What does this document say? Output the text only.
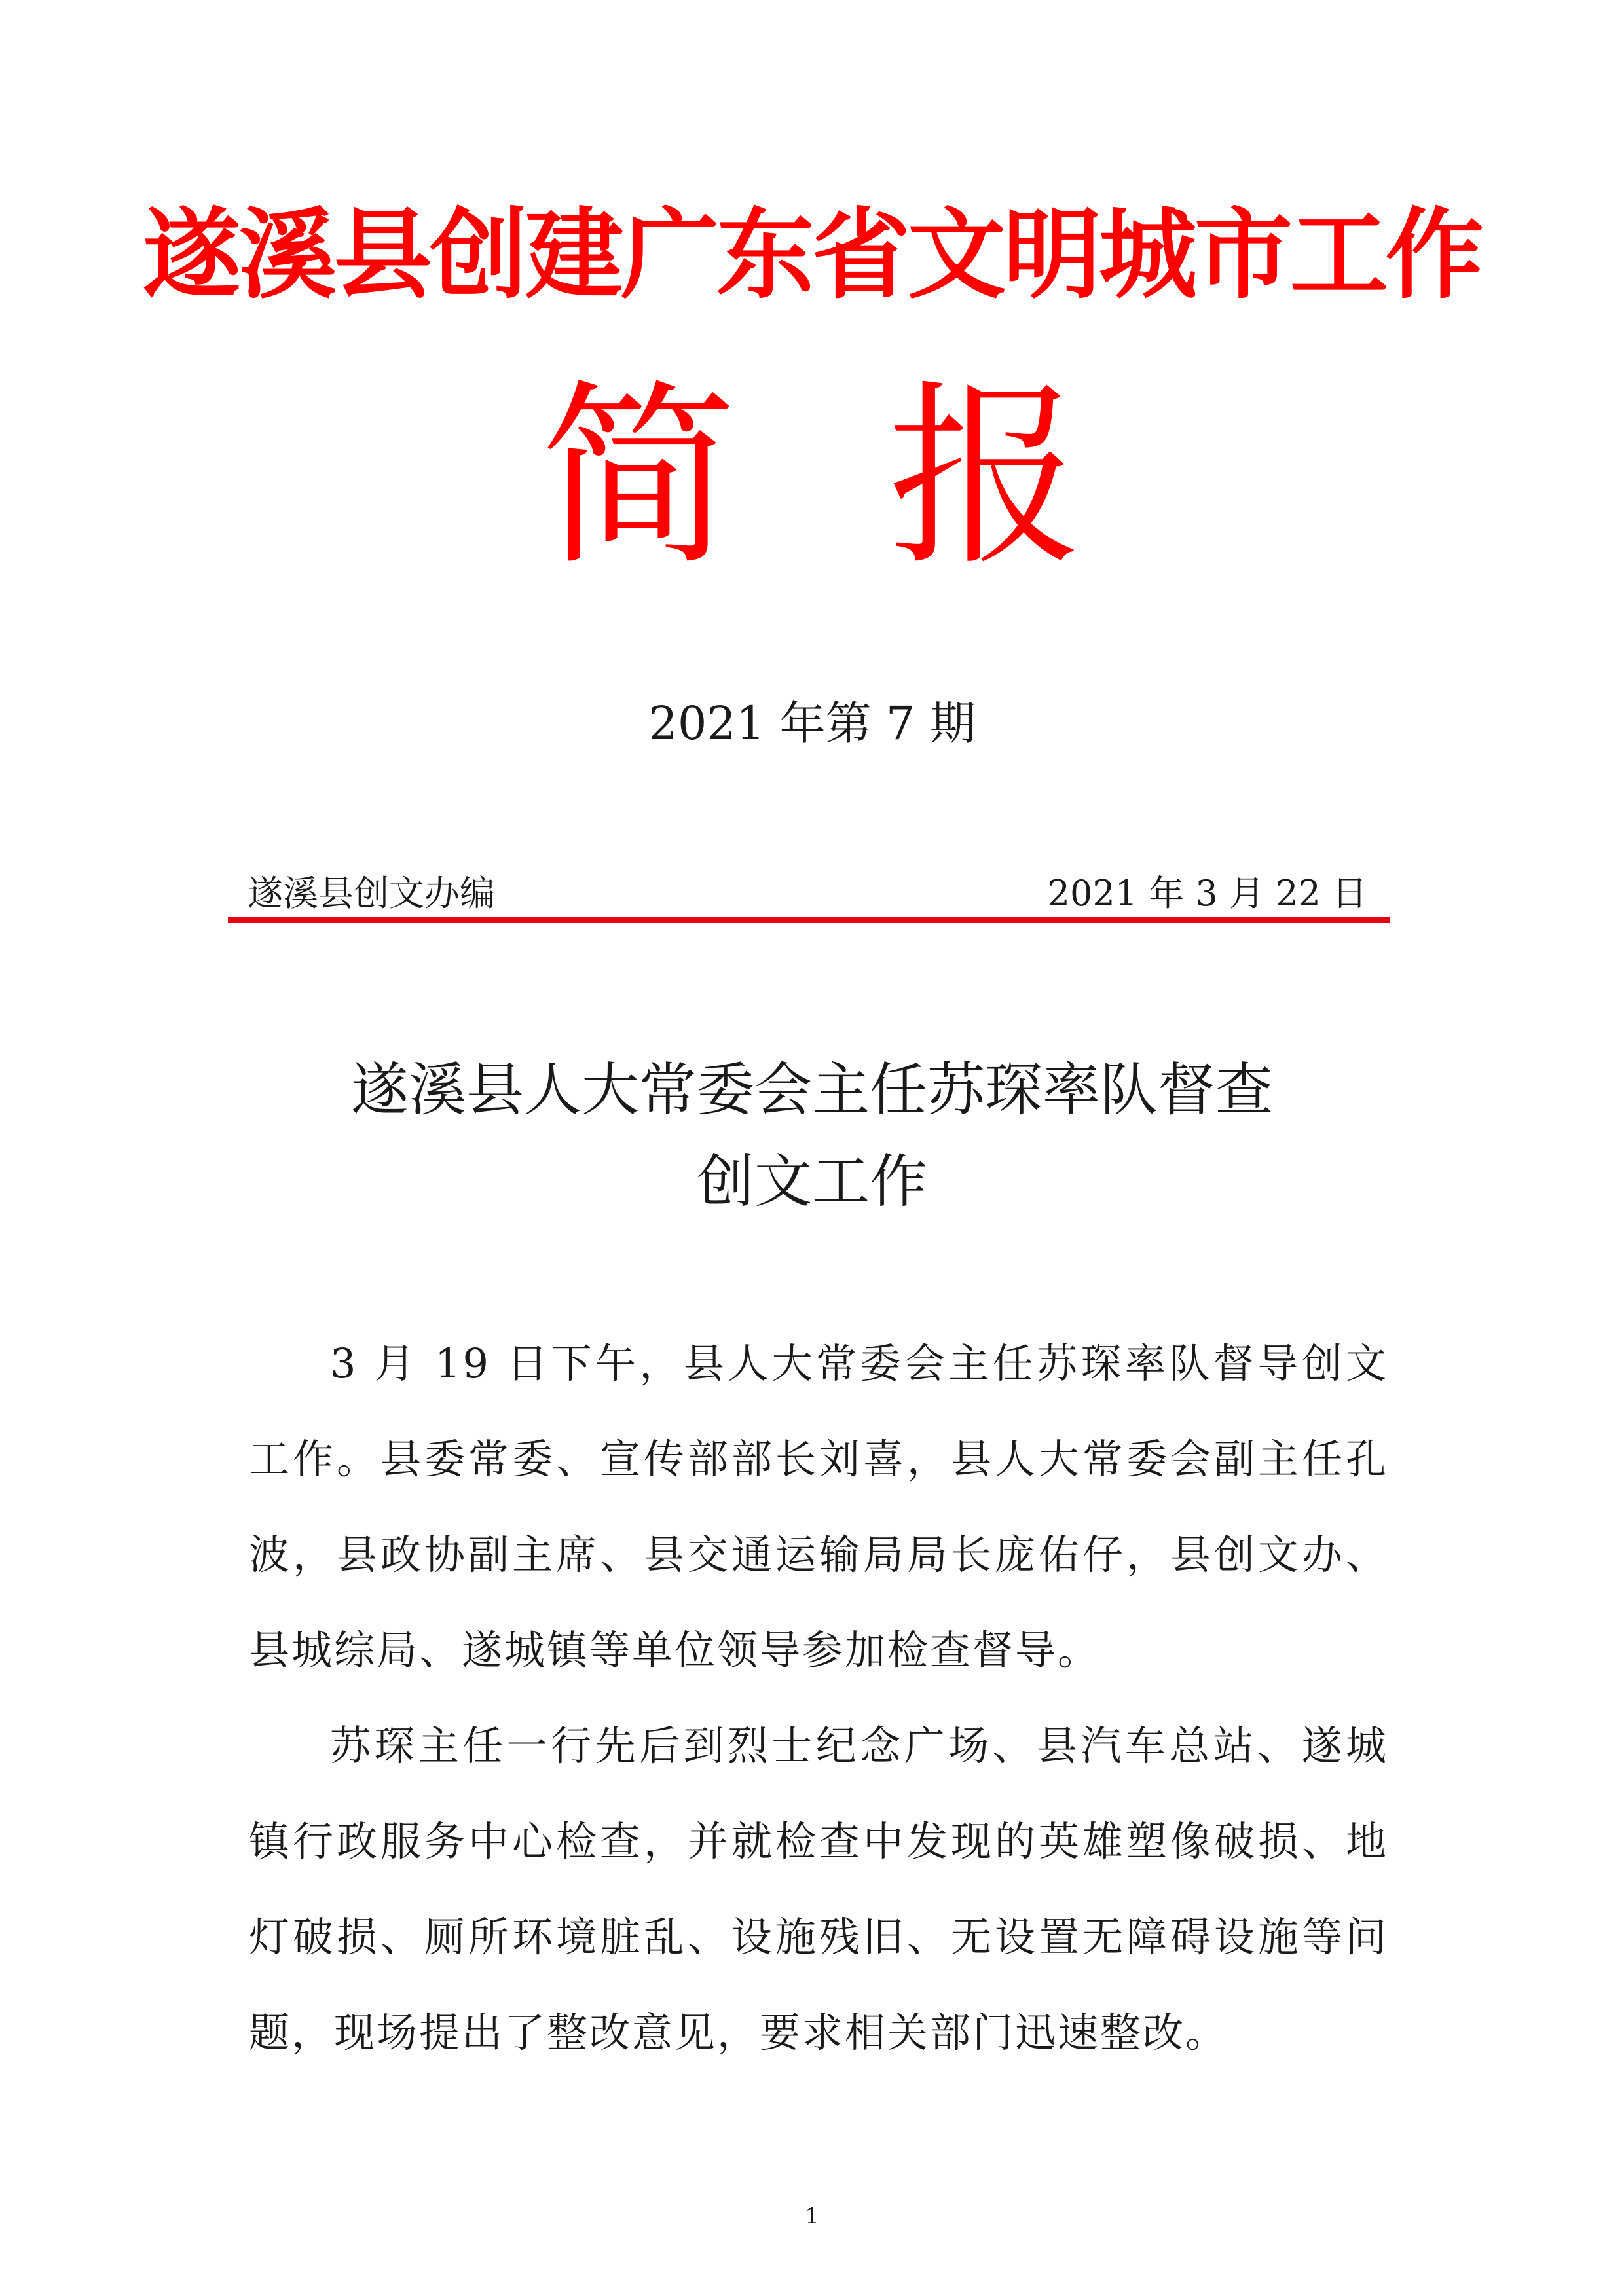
遂溪县创建广东省文明城市工作
简 报
2021 年第 7 期
遂溪县创文办编	2021 年 3 月 22 日
遂溪县人大常委会主任苏琛率队督查
创文工作

3 月 19 日下午，县人大常委会主任苏琛率队督导创文工作。县委常委、宣传部部长刘喜，县人大常委会副主任孔波，县政协副主席、县交通运输局局长庞佑仔，县创文办、县城综局、遂城镇等单位领导参加检查督导。

苏琛主任一行先后到烈士纪念广场、县汽车总站、遂城镇行政服务中心检查，并就检查中发现的英雄塑像破损、地灯破损、厕所环境脏乱、设施残旧、无设置无障碍设施等问题，现场提出了整改意见，要求相关部门迅速整改。

1
